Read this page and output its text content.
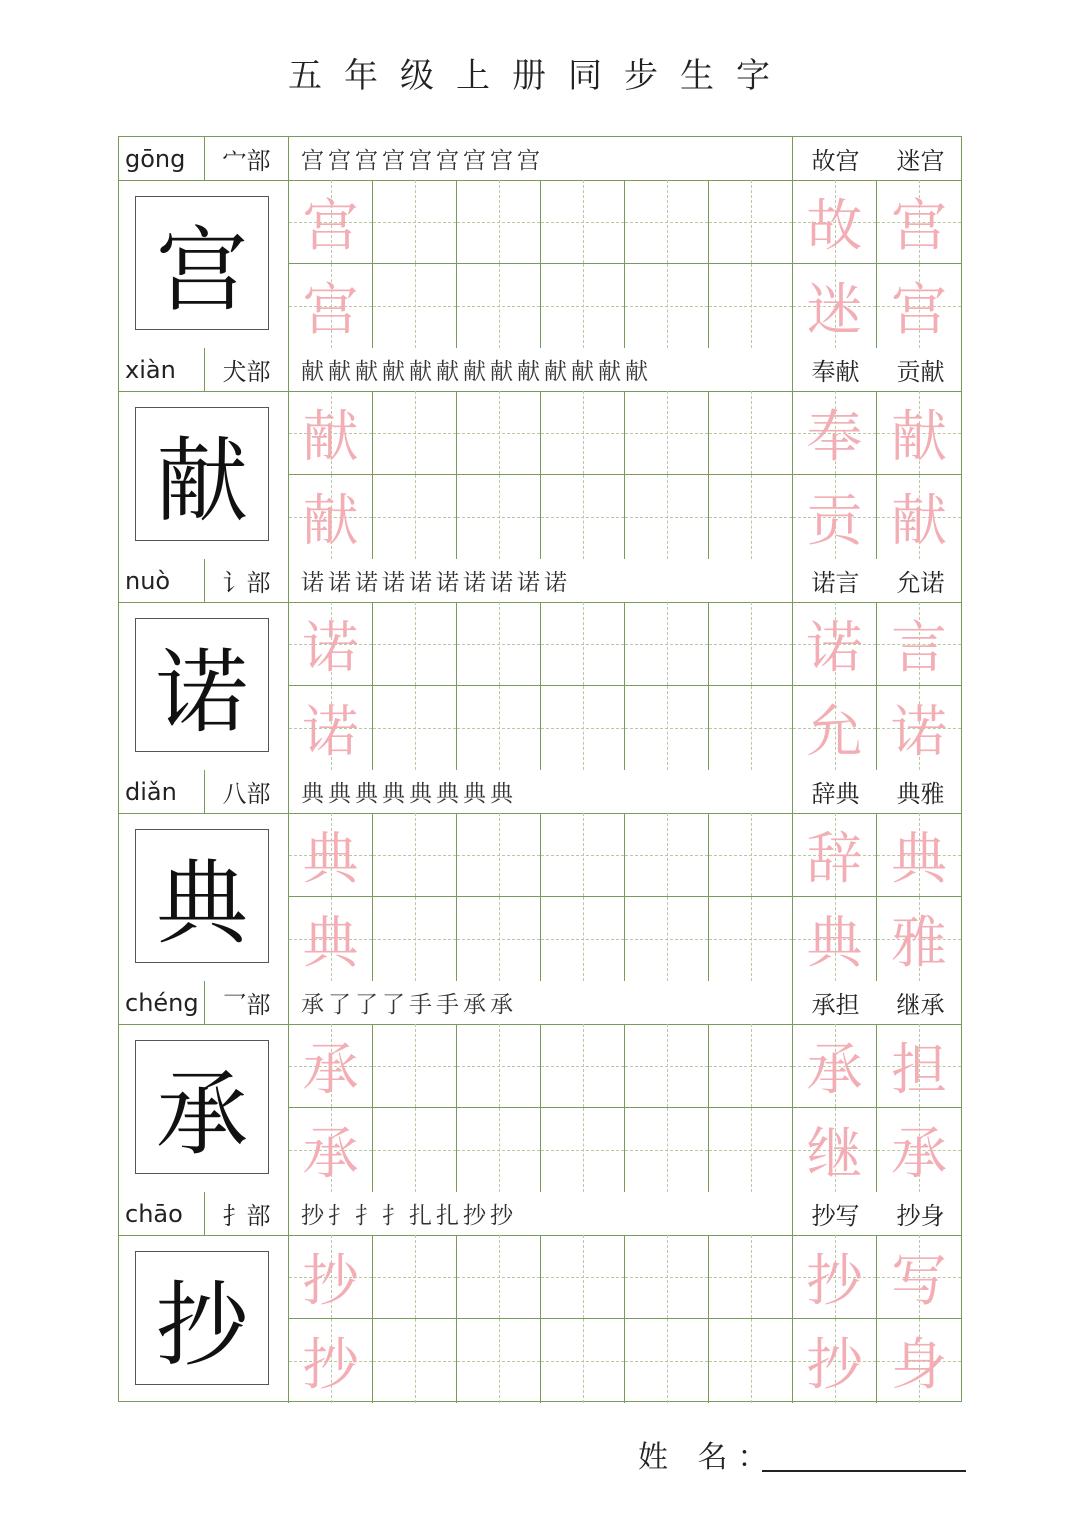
五年级上册同步生字
gōng	宀部	宫宫宫宫宫宫宫宫宫	故宫 迷宫
宫 宫	故 宫
宫	迷 宫
xiàn	犬部	献献献献献献献献献献献献献	奉献 贡献
献 献	奉 献
献	贡 献
nuò	讠部	诺诺诺诺诺诺诺诺诺诺	诺言 允诺
诺 诺	诺 言
诺	允 诺
diǎn	八部	典典典典典典典典	辞典 典雅
典 典	辞 典
典	典 雅
chéng 乛部	承了了了手手承承	承担 继承
承 承	承 担
承	继 承
chāo	扌部	抄扌扌扌扎扎抄抄	抄写 抄身
抄 抄	抄 写
抄	抄 身
姓 名：
